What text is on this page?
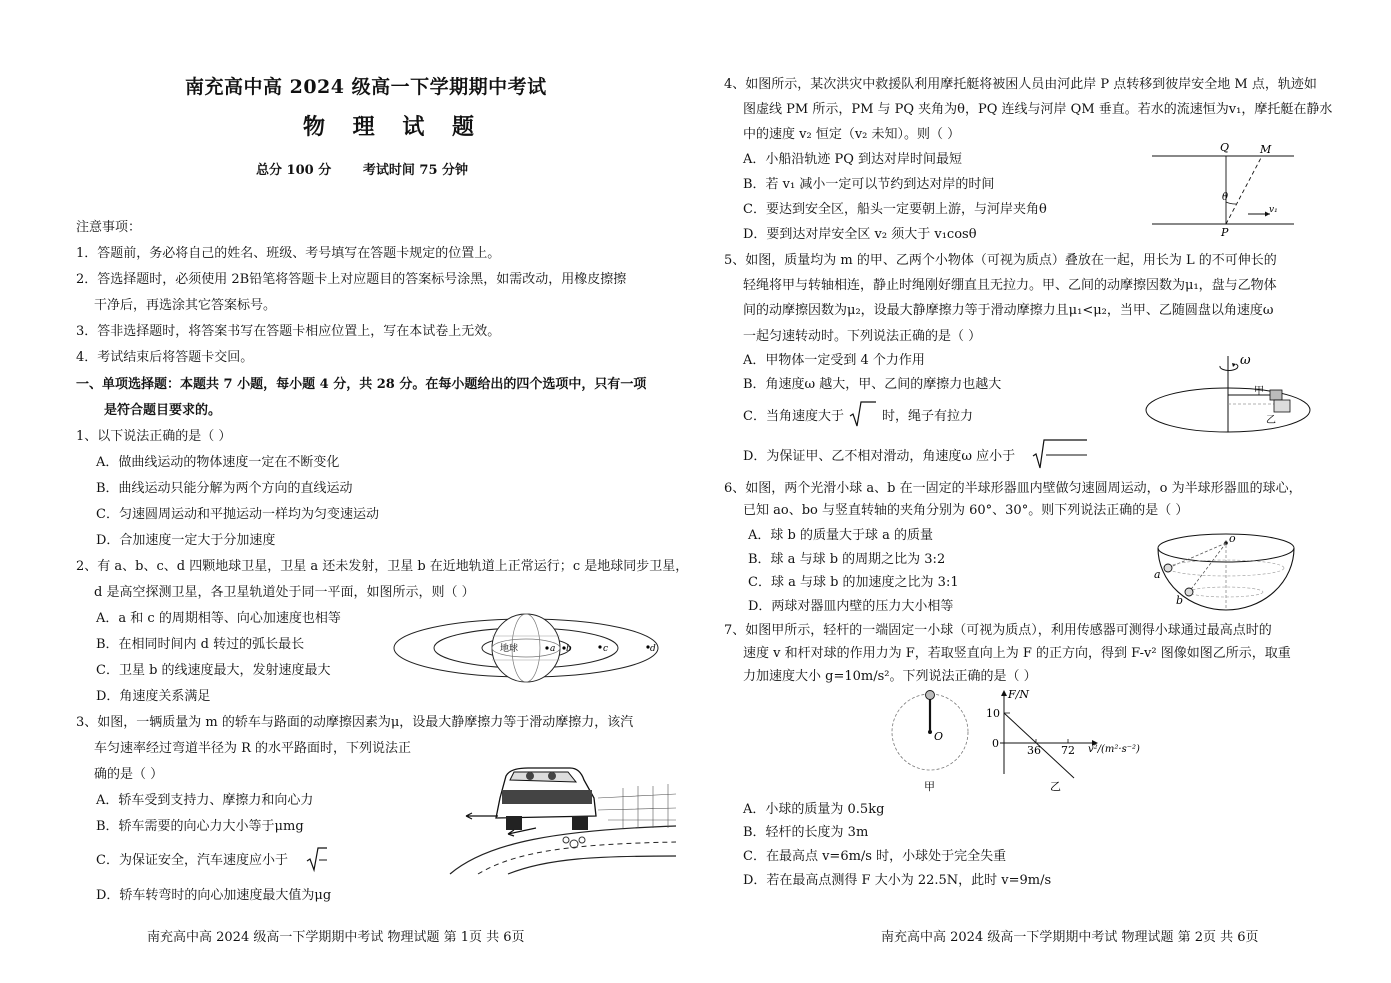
南充高中高 2024 级高一下学期期中考试
物 理 试 题
总分 100 分       考试时间 75 分钟
注意事项：
1．答题前，务必将自己的姓名、班级、考号填写在答题卡规定的位置上。
2．答选择题时，必须使用 2B铅笔将答题卡上对应题目的答案标号涂黑，如需改动，用橡皮擦擦
干净后，再选涂其它答案标号。
3．答非选择题时，将答案书写在答题卡相应位置上，写在本试卷上无效。
4．考试结束后将答题卡交回。
一、单项选择题：本题共 7 小题，每小题 4 分，共 28 分。在每小题给出的四个选项中，只有一项
是符合题目要求的。
1、以下说法正确的是（ ）
A．做曲线运动的物体速度一定在不断变化
B．曲线运动只能分解为两个方向的直线运动
C．匀速圆周运动和平抛运动一样均为匀变速运动
D．合加速度一定大于分加速度
2、有 a、b、c、d 四颗地球卫星，卫星 a 还未发射，卫星 b 在近地轨道上正常运行；c 是地球同步卫星，
d 是高空探测卫星，各卫星轨道处于同一平面，如图所示，则（ ）
A．a 和 c 的周期相等、向心加速度也相等
B．在相同时间内 d 转过的弧长最长
C．卫星 b 的线速度最大，发射速度最大
D．角速度关系满足
地球	a b	c	d
3、如图，一辆质量为 m 的轿车与路面的动摩擦因素为μ，设最大静摩擦力等于滑动摩擦力，该汽
车匀速率经过弯道半径为 R 的水平路面时，下列说法正
确的是（ ）
A．轿车受到支持力、摩擦力和向心力
B．轿车需要的向心力大小等于μmg
C．为保证安全，汽车速度应小于
D．轿车转弯时的向心加速度最大值为μg
南充高中高 2024 级高一下学期期中考试 物理试题 第 1页 共 6页
4、如图所示，某次洪灾中救援队利用摩托艇将被困人员由河此岸 P 点转移到彼岸安全地 M 点，轨迹如
图虚线 PM 所示，PM 与 PQ 夹角为θ，PQ 连线与河岸 QM 垂直。若水的流速恒为v₁，摩托艇在静水
中的速度 v₂ 恒定（v₂ 未知）。则（ ）
A．小船沿轨迹 PQ 到达对岸时间最短
B．若 v₁ 减小一定可以节约到达对岸的时间
C．要达到安全区，船头一定要朝上游，与河岸夹角θ
D．要到达对岸安全区 v₂ 须大于 v₁cosθ
Q	M
P
θ
v₁
5、如图，质量均为 m 的甲、乙两个小物体（可视为质点）叠放在一起，用长为 L 的不可伸长的
轻绳将甲与转轴相连，静止时绳刚好绷直且无拉力。甲、乙间的动摩擦因数为μ₁，盘与乙物体
间的动摩擦因数为μ₂，设最大静摩擦力等于滑动摩擦力且μ₁<μ₂，当甲、乙随圆盘以角速度ω
一起匀速转动时。下列说法正确的是（ ）
A．甲物体一定受到 4 个力作用
B．角速度ω 越大，甲、乙间的摩擦力也越大
C．当角速度大于	时，绳子有拉力
D．为保证甲、乙不相对滑动，角速度ω 应小于
ω
甲
乙
6、如图，两个光滑小球 a、b 在一固定的半球形器皿内壁做匀速圆周运动，o 为半球形器皿的球心，
已知 ao、bo 与竖直转轴的夹角分别为 60°、30°。则下列说法正确的是（ ）
A．球 b 的质量大于球 a 的质量
B．球 a 与球 b 的周期之比为 3:2
C．球 a 与球 b 的加速度之比为 3:1
D．两球对器皿内壁的压力大小相等
o
a
b
7、如图甲所示，轻杆的一端固定一小球（可视为质点），利用传感器可测得小球通过最高点时的
速度 v 和杆对球的作用力为 F，若取竖直向上为 F 的正方向，得到 F-v² 图像如图乙所示，取重
力加速度大小 g=10m/s²。下列说法正确的是（ ）
O
甲
F/N
10
0
36 72 v²/(m²·s⁻²)
乙
A．小球的质量为 0.5kg
B．轻杆的长度为 3m
C．在最高点 v=6m/s 时，小球处于完全失重
D．若在最高点测得 F 大小为 22.5N，此时 v=9m/s
南充高中高 2024 级高一下学期期中考试 物理试题 第 2页 共 6页
